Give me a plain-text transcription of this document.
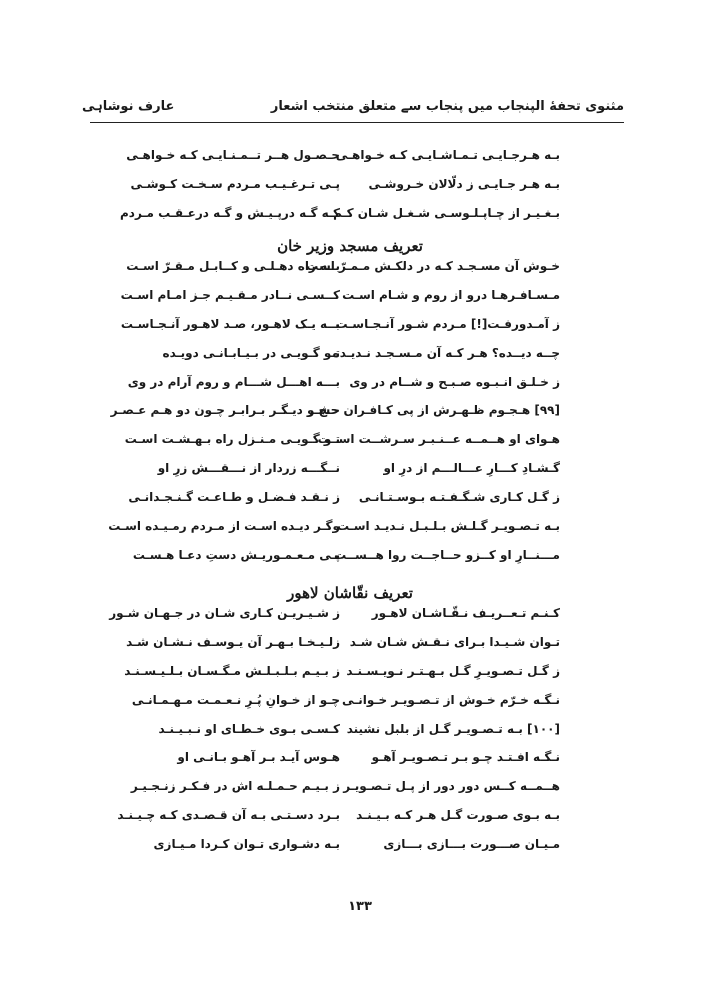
مثنوی تحفهٔ الپنجاب میں پنجاب سے متعلق منتخب اشعار
عارف نوشاہی
بـه هـرجـایـی تـمـاشـایـی کـه خـواهـی
حـصـول هــر تــمـنـایـی کـه خـواهـی
بـه هـر جـایـی ز دلّالان خـروشـی
پـی تـرغـیـب مـردم سـخـت کـوشـی
بـغـیـر از چـاپـلـوسـی شـغـل شـان کـم
کـه گـه درپـیـش و گـه درعـقـب مـردم
تعریف مسجد وزیر خان
خـوش آن مسـجـد کـه در دلکـش مـمـرّ است
بــه راه دهـلـی و کــابـل مـقـرّ اسـت
مـسـافـرهـا درو از روم و شـام اسـت
کــسـی نــادر مـقـیـم جـز امـام اسـت
ز آمـدورفـت[!] مـردم شـور آنـجـاسـت
بــه یـک لاهـور، صـد لاهـور آنـجـاسـت
چــه دیــده؟ هـر کـه آن مـسـجـد نـدیـده
تـو گـویـی در بـیـابـانـی دویـده
ز خـلـق انـبـوه صـبـح و شــام در وی
بـــه اهـــل شـــام و روم آرام در وی
[۹۹] هـجـوم ظـهـرش از پی کـافـران حشـر
حـج و دیـگـر بـرابـر چـون دو هـم عـصـر
هـوای او هــمــه عــنـبـر سـرشــت اســت
تـو گـویـی مـنـزل راه بـهـشـت اسـت
گـشـادِ کـــارِ عـــالـــم از درِ او
نــگـــه زردار از نـــقـــش زرِ او
ز گـل کـاری شـگـفـتـه بـوسـتـانـی
ز نـقـد فـضـل و طـاعـت گـنـجـدانـی
بـه تـصـویـر گـلـش بـلـبـل نـدیـد اسـت
وگـر دیـده اسـت از مـردم رمـیـده اسـت
مـــنــارِ او کــزو حــاجــت روا هــســت
پـی مـعـمـوریـش دستِ دعـا هـسـت
تعریف نقّاشان لاهور
کـنـم تـعــریـف نـقّـاشـان لاهـور
ز شـیـریـن کـاری شـان در جـهـان شـور
تـوان شـیـدا بـرای نـقـش شـان شـد
زلـیـخـا بـهـر آن یـوسـف نـشـان شـد
ز گـل تـصـویـرِ گـل بـهـتـر نـویـسـنـد
ز بـیـم بـلـبـلـش مـگـسـان بـلـیـسـنـد
نـگـه خـرّم خـوش از تـصـویـر خـوانـی
چـو از خـوانِ پُـرِ نـعـمـت مـهـمـانـی
[۱۰۰] بـه تـصـویـر گـل از بلبل نشیند
کـسـی بـوی خـطـای او نـبـیـنـد
نـگـه افـتـد چـو بـر تـصـویـر آهـو
هـوس آیـد بـر آهـو بـانـی او
هــمــه کــس دور دور از پـل تـصـویـر
ز بـیـم حـمـلـه اش در فـکـر زنـجـیـر
بـه بـوی صـورت گـل هـر کـه بـیـنـد
بـرد دسـتـی بـه آن قـصـدی کـه چـیـنـد
مـیـان صـــورت بـــازی بـــازی
بـه دشـواری تـوان کـردا مـیـازی
۱۳۳
